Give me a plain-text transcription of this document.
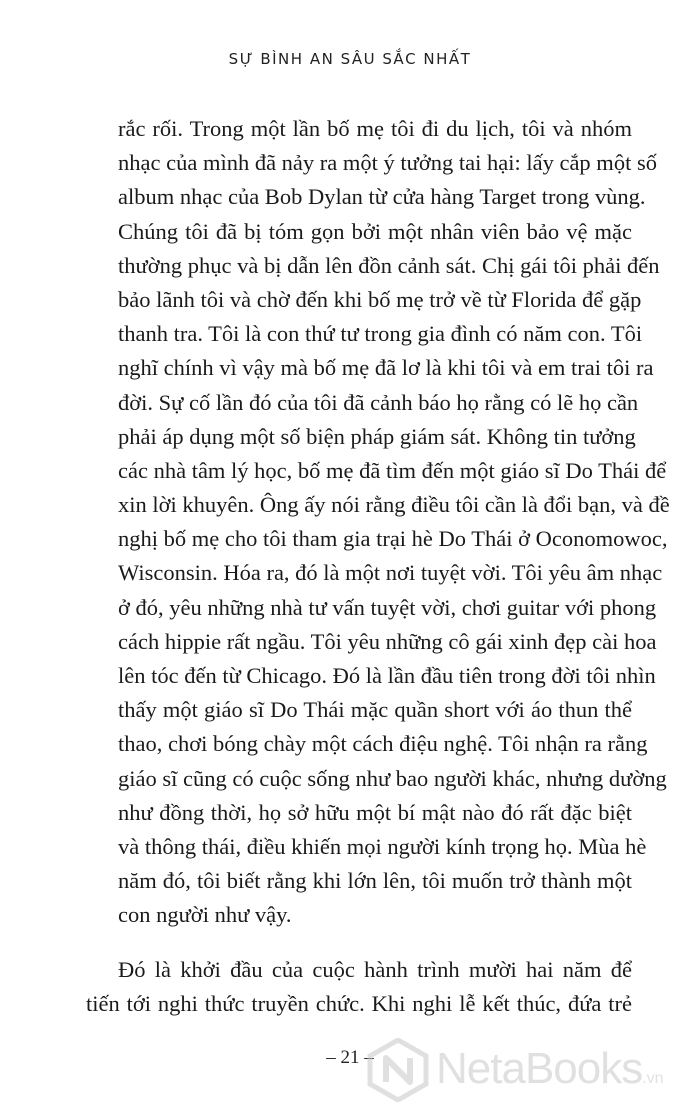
SỰ BÌNH AN SÂU SẮC NHẤT
rắc rối. Trong một lần bố mẹ tôi đi du lịch, tôi và nhóm
nhạc của mình đã nảy ra một ý tưởng tai hại: lấy cắp một số
album nhạc của Bob Dylan từ cửa hàng Target trong vùng.
Chúng tôi đã bị tóm gọn bởi một nhân viên bảo vệ mặc
thường phục và bị dẫn lên đồn cảnh sát. Chị gái tôi phải đến
bảo lãnh tôi và chờ đến khi bố mẹ trở về từ Florida để gặp
thanh tra. Tôi là con thứ tư trong gia đình có năm con. Tôi
nghĩ chính vì vậy mà bố mẹ đã lơ là khi tôi và em trai tôi ra
đời. Sự cố lần đó của tôi đã cảnh báo họ rằng có lẽ họ cần
phải áp dụng một số biện pháp giám sát. Không tin tưởng
các nhà tâm lý học, bố mẹ đã tìm đến một giáo sĩ Do Thái để
xin lời khuyên. Ông ấy nói rằng điều tôi cần là đổi bạn, và đề
nghị bố mẹ cho tôi tham gia trại hè Do Thái ở Oconomowoc,
Wisconsin. Hóa ra, đó là một nơi tuyệt vời. Tôi yêu âm nhạc
ở đó, yêu những nhà tư vấn tuyệt vời, chơi guitar với phong
cách hippie rất ngầu. Tôi yêu những cô gái xinh đẹp cài hoa
lên tóc đến từ Chicago. Đó là lần đầu tiên trong đời tôi nhìn
thấy một giáo sĩ Do Thái mặc quần short với áo thun thể
thao, chơi bóng chày một cách điệu nghệ. Tôi nhận ra rằng
giáo sĩ cũng có cuộc sống như bao người khác, nhưng dường
như đồng thời, họ sở hữu một bí mật nào đó rất đặc biệt
và thông thái, điều khiến mọi người kính trọng họ. Mùa hè
năm đó, tôi biết rằng khi lớn lên, tôi muốn trở thành một
con người như vậy.
Đó là khởi đầu của cuộc hành trình mười hai năm để
tiến tới nghi thức truyền chức. Khi nghi lễ kết thúc, đứa trẻ
– 21 –	NetaBooks.vn
